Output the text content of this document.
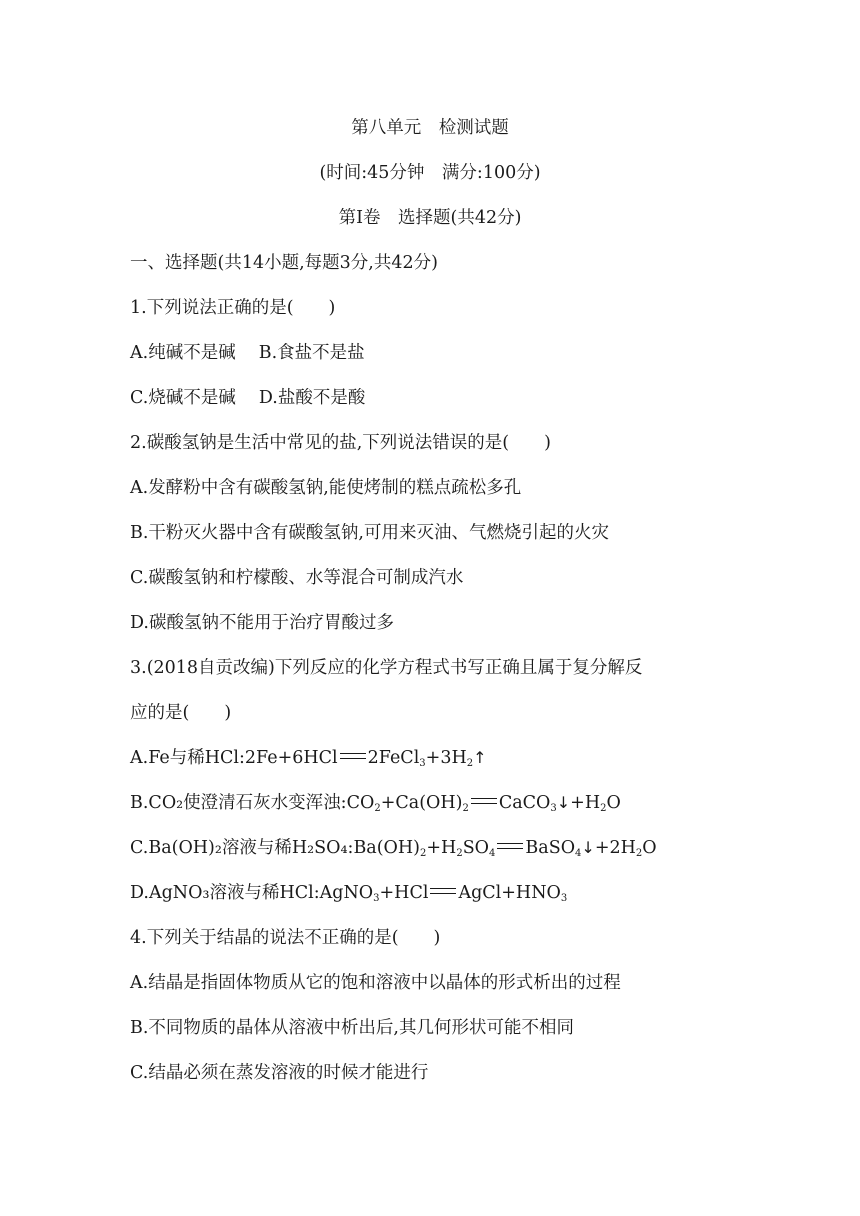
第八单元　检测试题
(时间:45分钟　满分:100分)
第Ⅰ卷　选择题(共42分)
一、选择题(共14小题,每题3分,共42分)
1.下列说法正确的是(　　)
A.纯碱不是碱　 B.食盐不是盐
C.烧碱不是碱　 D.盐酸不是酸
2.碳酸氢钠是生活中常见的盐,下列说法错误的是(　　)
A.发酵粉中含有碳酸氢钠,能使烤制的糕点疏松多孔
B.干粉灭火器中含有碳酸氢钠,可用来灭油、气燃烧引起的火灾
C.碳酸氢钠和柠檬酸、水等混合可制成汽水
D.碳酸氢钠不能用于治疗胃酸过多
3.(2018自贡改编)下列反应的化学方程式书写正确且属于复分解反
应的是(　　)
A.Fe与稀HCl:2Fe+6HCl $2FeCl_3+3H_2↑$
B.CO₂使澄清石灰水变浑浊$:CO_2+Ca(OH)_2$ $CaCO_3↓+H_2O$
C.Ba(OH)₂溶液与稀$H_2SO_4:Ba(OH)_2+H_2SO_4$ $BaSO_4↓+2H_2O$
D.AgNO₃溶液与稀HCl:AgNO$_3$+HCl $AgCl+HNO_3$
4.下列关于结晶的说法不正确的是(　　)
A.结晶是指固体物质从它的饱和溶液中以晶体的形式析出的过程
B.不同物质的晶体从溶液中析出后,其几何形状可能不相同
C.结晶必须在蒸发溶液的时候才能进行
